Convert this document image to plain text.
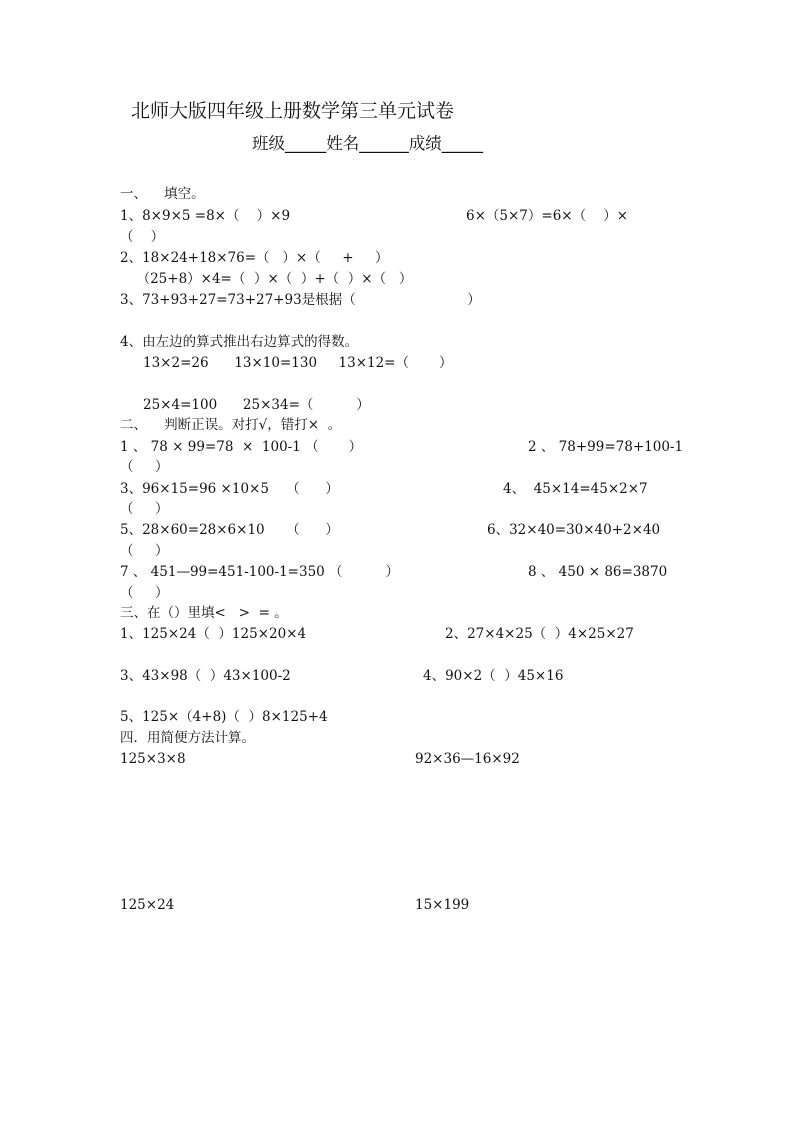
北师大版四年级上册数学第三单元试卷
班级_____姓名______成绩_____
一、    填空。
1、8×9×5 =8×（    ）×9	6×（5×7）=6×（    ）×
（    ）
2、18×24+18×76=（   ）×（     +     ）
（25+8）×4=（  ）×（  ）+（  ）×（   ）
3、73+93+27=73+27+93是根据（                          ）
4、由左边的算式推出右边算式的得数。
13×2=26      13×10=130     13×12=（       ）
25×4=100      25×34=（          ）
二、    判断正误。对打√，错打×  。
1 、 78 × 99=78  ×  100-1 （       ）	2 、 78+99=78+100-1
（     ）
3、96×15=96 ×10×5    （      ）	4、  45×14=45×2×7
（     ）
5、28×60=28×6×10     （      ）	6、32×40=30×40+2×40
（     ）
7 、 451—99=451-100-1=350 （          ）	8 、 450 × 86=3870
（     ）
三、在（）里填<   >  = 。
1、125×24（  ）125×20×4	2、27×4×25（  ）4×25×27
3、43×98（  ）43×100-2	4、90×2（  ）45×16
5、125×（4+8)（  ）8×125+4
四．用简便方法计算。
125×3×8	92×36—16×92
125×24	15×199
